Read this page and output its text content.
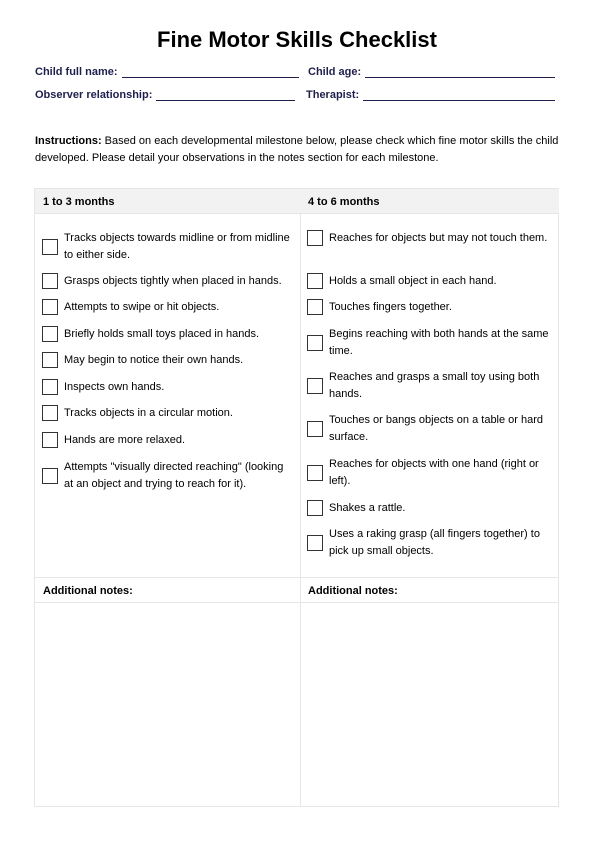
Fine Motor Skills Checklist
Child full name:	Child age:
Observer relationship:	Therapist:
Instructions: Based on each developmental milestone below, please check which fine motor skills the child developed. Please detail your observations in the notes section for each milestone.
1 to 3 months
Tracks objects towards midline or from midline to either side.
Grasps objects tightly when placed in hands.
Attempts to swipe or hit objects.
Briefly holds small toys placed in hands.
May begin to notice their own hands.
Inspects own hands.
Tracks objects in a circular motion.
Hands are more relaxed.
Attempts "visually directed reaching" (looking at an object and trying to reach for it).
Additional notes:
4 to 6 months
Reaches for objects but may not touch them.
Holds a small object in each hand.
Touches fingers together.
Begins reaching with both hands at the same time.
Reaches and grasps a small toy using both hands.
Touches or bangs objects on a table or hard surface.
Reaches for objects with one hand (right or left).
Shakes a rattle.
Uses a raking grasp (all fingers together) to pick up small objects.
Additional notes:
